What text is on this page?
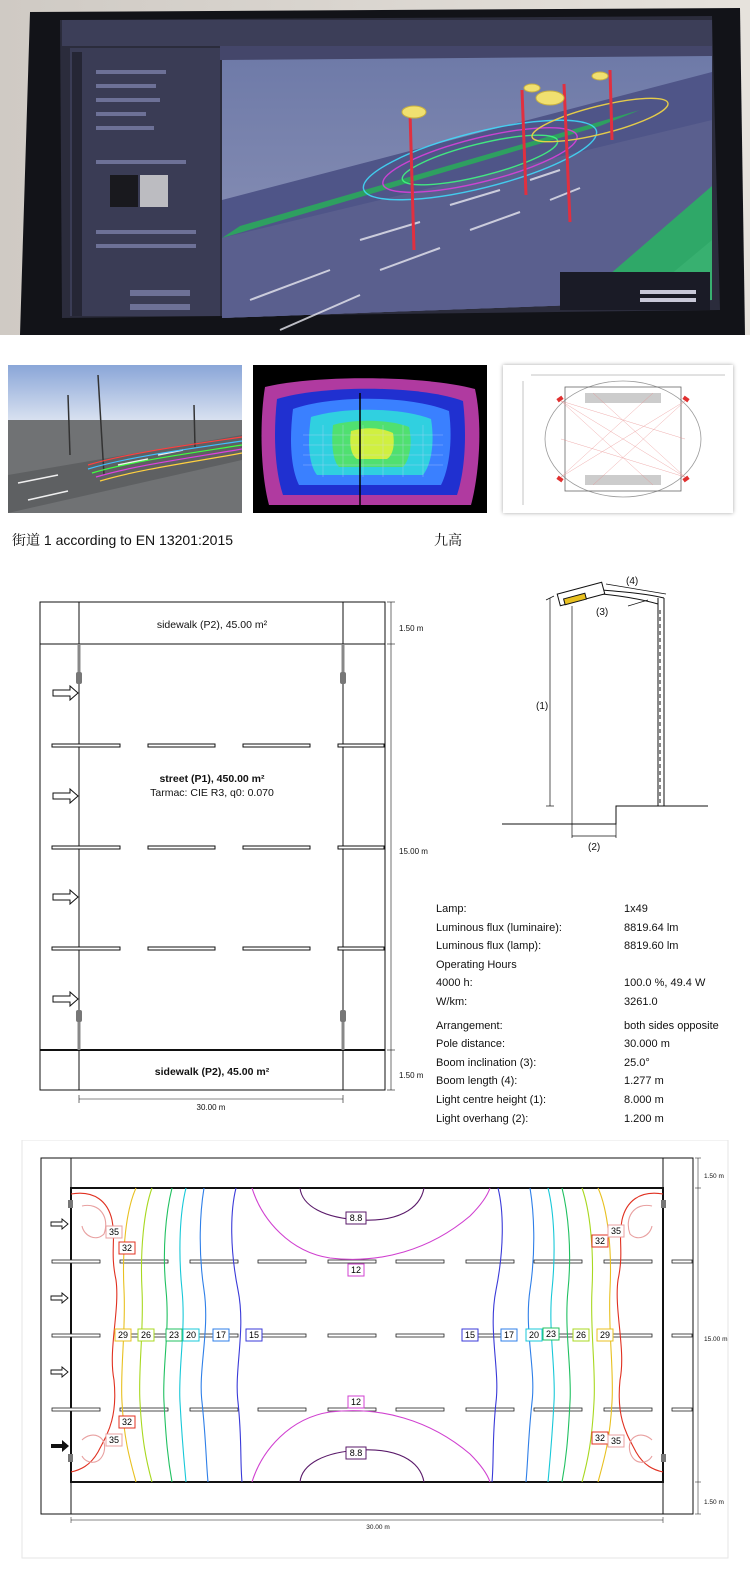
街道 1 according to EN 13201:2015	九高
sidewalk (P2), 45.00 m²
street (P1), 450.00 m²
Tarmac: CIE R3, q0: 0.070
sidewalk (P2), 45.00 m²
1.50 m
15.00 m
1.50 m
30.00 m
(1)
(2)
(3)
(4)
Lamp:	1x49
Luminous flux (luminaire):	8819.64 lm
Luminous flux (lamp):	8819.60 lm
Operating Hours
4000 h:	100.0 %, 49.4 W
W/km:	3261.0
Arrangement:	both sides opposite
Pole distance:	30.000 m
Boom inclination (3):	25.0°
Boom length (4):	1.277 m
Light centre height (1):	8.000 m
Light overhang (2):	1.200 m
8.8
12
35
32
29 26 23 20 17	15	15	17 20 23 26 29
32
35
12
8.8
32
35	32 35
1.50 m
15.00 m
1.50 m
30.00 m
